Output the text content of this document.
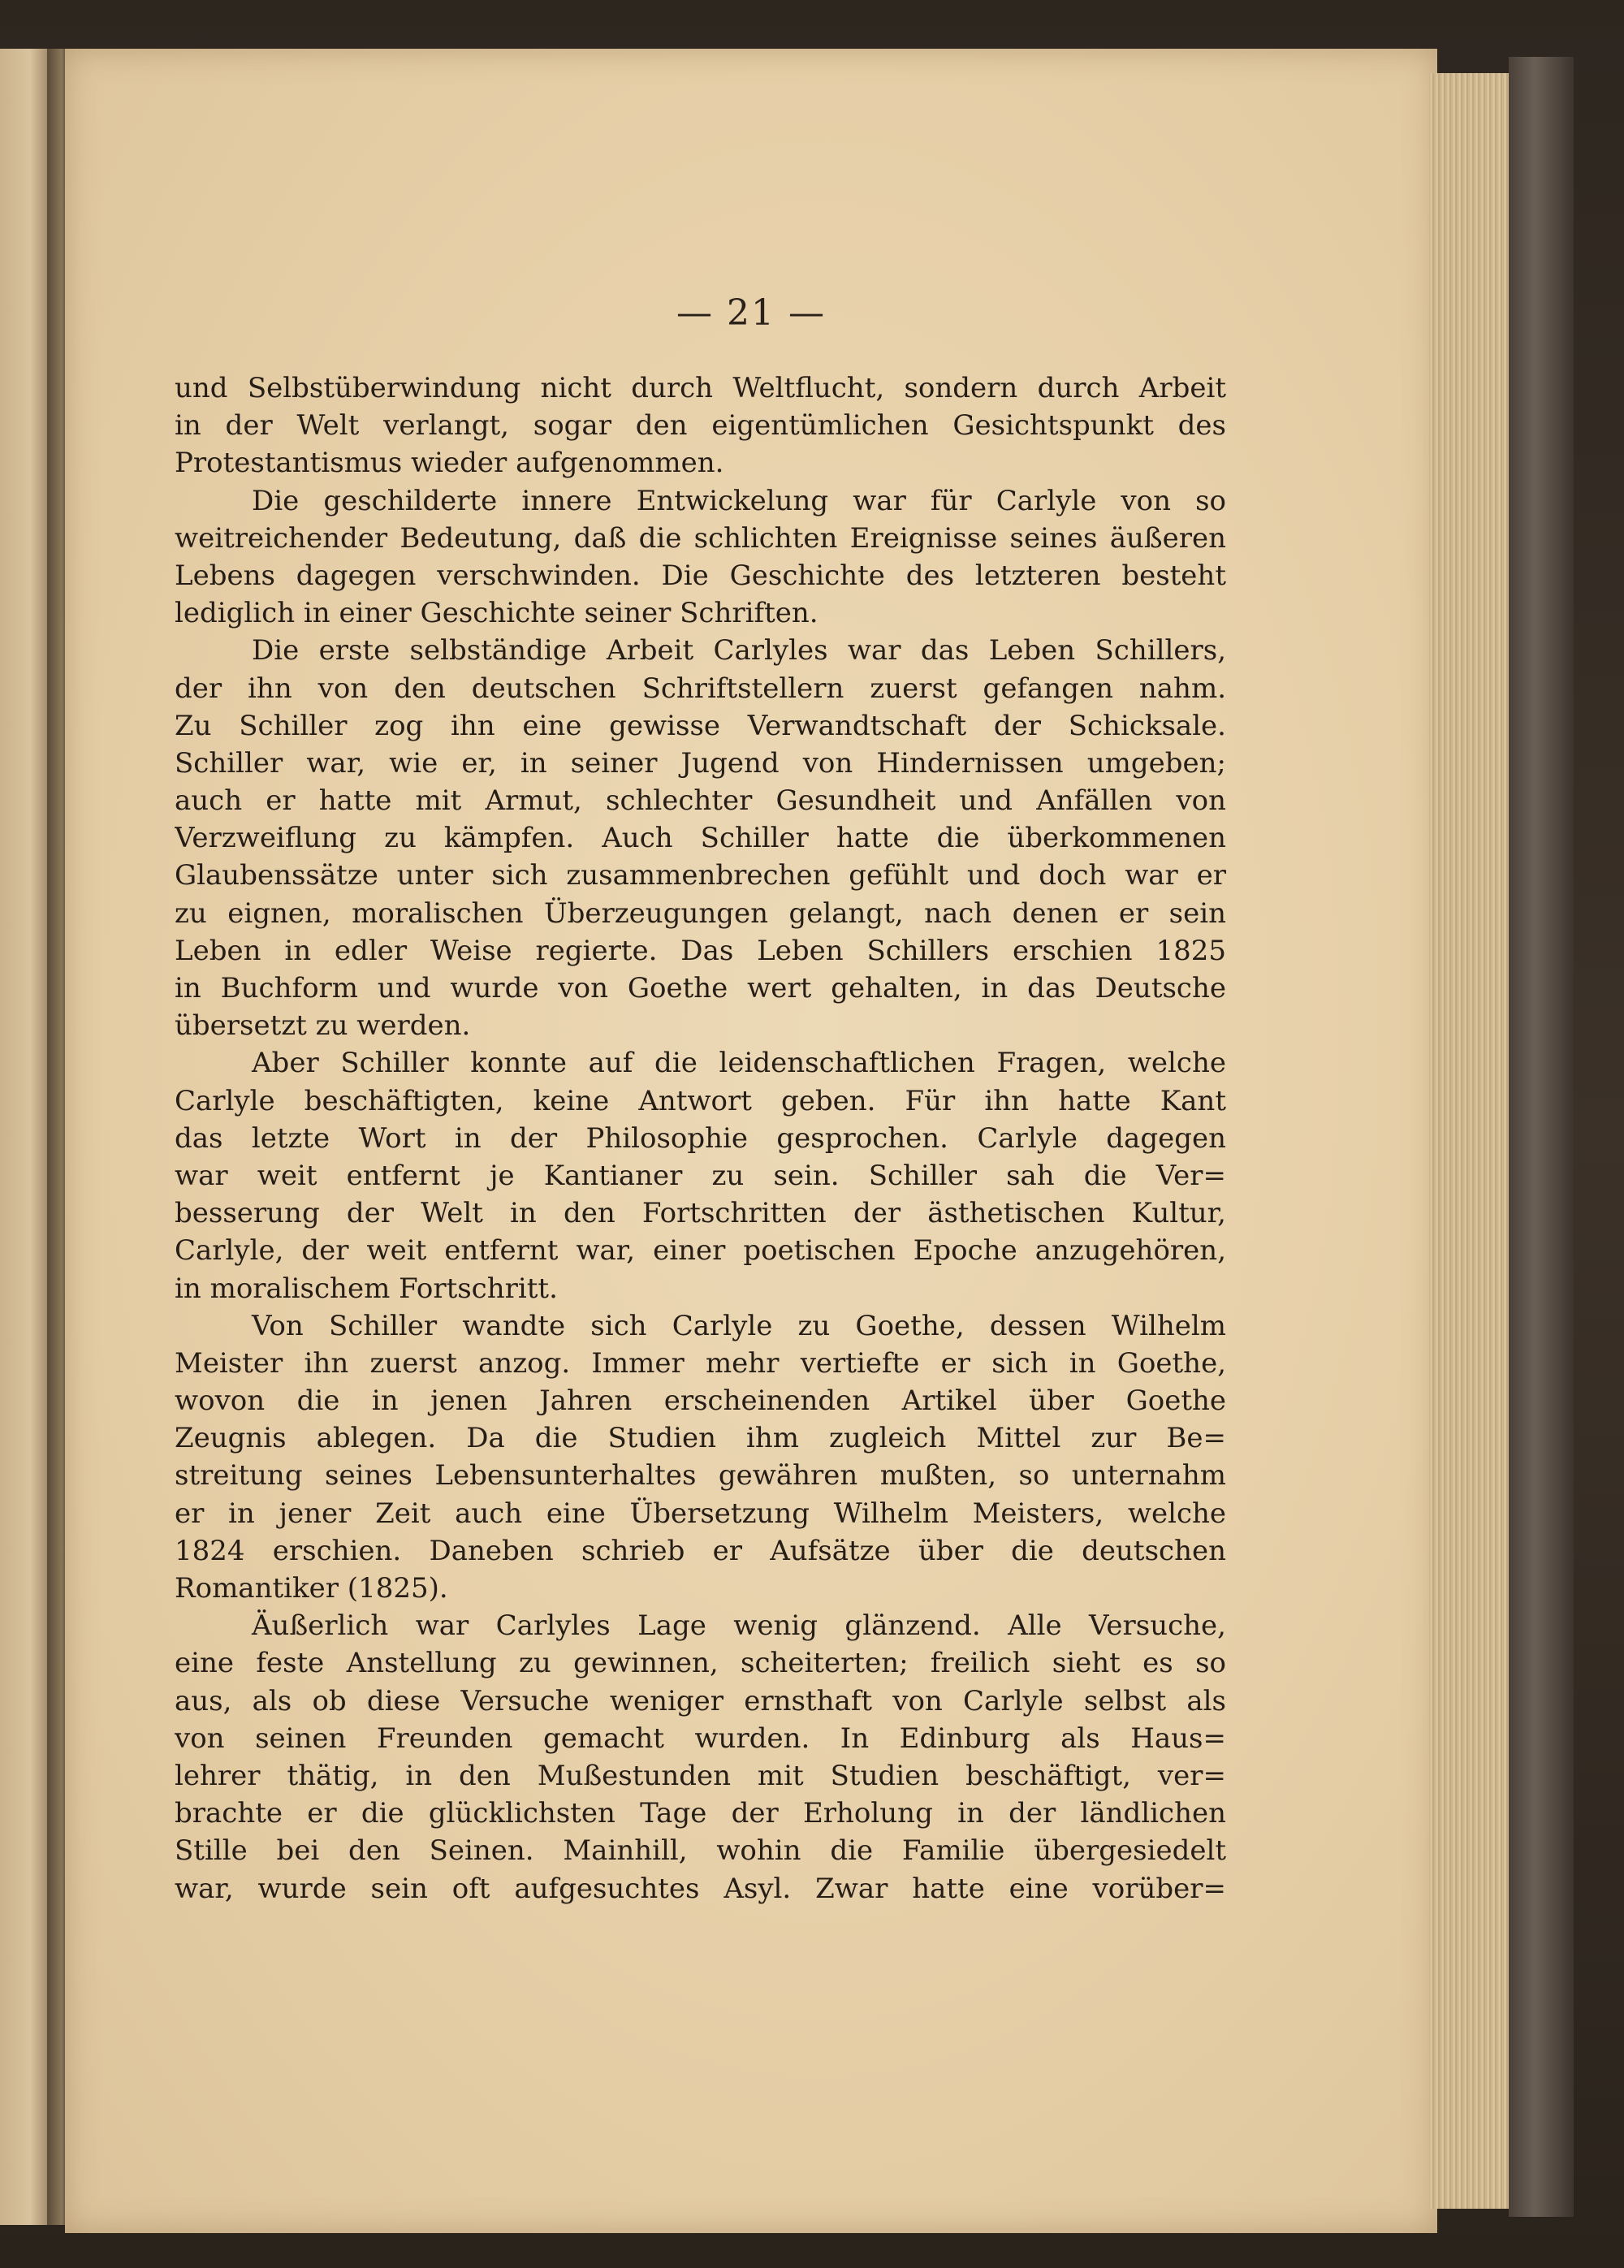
— 21 —
und Selbstüberwindung nicht durch Weltflucht, sondern durch Arbeit
in der Welt verlangt, sogar den eigentümlichen Gesichtspunkt des
Protestantismus wieder aufgenommen.
Die geschilderte innere Entwickelung war für Carlyle von so
weitreichender Bedeutung, daß die schlichten Ereignisse seines äußeren
Lebens dagegen verschwinden. Die Geschichte des letzteren besteht
lediglich in einer Geschichte seiner Schriften.
Die erste selbständige Arbeit Carlyles war das Leben Schillers,
der ihn von den deutschen Schriftstellern zuerst gefangen nahm.
Zu Schiller zog ihn eine gewisse Verwandtschaft der Schicksale.
Schiller war, wie er, in seiner Jugend von Hindernissen umgeben;
auch er hatte mit Armut, schlechter Gesundheit und Anfällen von
Verzweiflung zu kämpfen. Auch Schiller hatte die überkommenen
Glaubenssätze unter sich zusammenbrechen gefühlt und doch war er
zu eignen, moralischen Überzeugungen gelangt, nach denen er sein
Leben in edler Weise regierte. Das Leben Schillers erschien 1825
in Buchform und wurde von Goethe wert gehalten, in das Deutsche
übersetzt zu werden.
Aber Schiller konnte auf die leidenschaftlichen Fragen, welche
Carlyle beschäftigten, keine Antwort geben. Für ihn hatte Kant
das letzte Wort in der Philosophie gesprochen. Carlyle dagegen
war weit entfernt je Kantianer zu sein. Schiller sah die Ver=
besserung der Welt in den Fortschritten der ästhetischen Kultur,
Carlyle, der weit entfernt war, einer poetischen Epoche anzugehören,
in moralischem Fortschritt.
Von Schiller wandte sich Carlyle zu Goethe, dessen Wilhelm
Meister ihn zuerst anzog. Immer mehr vertiefte er sich in Goethe,
wovon die in jenen Jahren erscheinenden Artikel über Goethe
Zeugnis ablegen. Da die Studien ihm zugleich Mittel zur Be=
streitung seines Lebensunterhaltes gewähren mußten, so unternahm
er in jener Zeit auch eine Übersetzung Wilhelm Meisters, welche
1824 erschien. Daneben schrieb er Aufsätze über die deutschen
Romantiker (1825).
Äußerlich war Carlyles Lage wenig glänzend. Alle Versuche,
eine feste Anstellung zu gewinnen, scheiterten; freilich sieht es so
aus, als ob diese Versuche weniger ernsthaft von Carlyle selbst als
von seinen Freunden gemacht wurden. In Edinburg als Haus=
lehrer thätig, in den Mußestunden mit Studien beschäftigt, ver=
brachte er die glücklichsten Tage der Erholung in der ländlichen
Stille bei den Seinen. Mainhill, wohin die Familie übergesiedelt
war, wurde sein oft aufgesuchtes Asyl. Zwar hatte eine vorüber=
